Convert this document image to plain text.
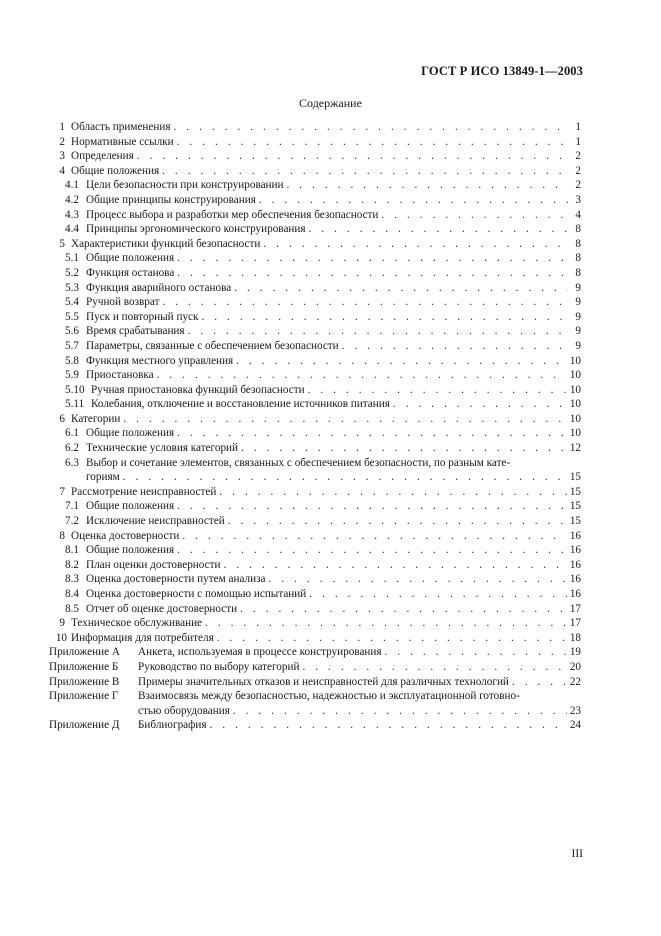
ГОСТ Р ИСО 13849-1—2003
Содержание
1 Область применения . . .	1
2 Нормативные ссылки . . .	1
3 Определения . . .	2
4 Общие положения . . .	2
4.1 Цели безопасности при конструировании . . .	2
4.2 Общие принципы конструирования . . .	3
4.3 Процесс выбора и разработки мер обеспечения безопасности . . .	4
4.4 Принципы эргономического конструирования . . .	8
5 Характеристики функций безопасности . . .	8
5.1 Общие положения . . .	8
5.2 Функция останова . . .	8
5.3 Функция аварийного останова . . .	9
5.4 Ручной возврат . . .	9
5.5 Пуск и повторный пуск . . .	9
5.6 Время срабатывания . . .	9
5.7 Параметры, связанные с обеспечением безопасности . . .	9
5.8 Функция местного управления . . .	10
5.9 Приостановка . . .	10
5.10 Ручная приостановка функций безопасности . . .	10
5.11 Колебания, отключение и восстановление источников питания . . .	10
6 Категории . . .	10
6.1 Общие положения . . .	10
6.2 Технические условия категорий . . .	12
6.3 Выбор и сочетание элементов, связанных с обеспечением безопасности, по разным кате-
гориям . . .	15
7 Рассмотрение неисправностей . . .	15
7.1 Общие положения . . .	15
7.2 Исключение неисправностей . . .	15
8 Оценка достоверности . . .	16
8.1 Общие положения . . .	16
8.2 План оценки достоверности . . .	16
8.3 Оценка достоверности путем анализа . . .	16
8.4 Оценка достоверности с помощью испытаний . . .	16
8.5 Отчет об оценке достоверности . . .	17
9 Техническое обслуживание . . .	17
10 Информация для потребителя . . .	18
Приложение А	Анкета, используемая в процессе конструирования . . .	19
Приложение Б	Руководство по выбору категорий . . .	20
Приложение В	Примеры значительных отказов и неисправностей для различных технологий . . .	22
Приложение Г Взаимосвязь между безопасностью, надежностью и эксплуатационной готовно-
стью оборудования . . .	23
Приложение Д	Библиография . . .	24
III
